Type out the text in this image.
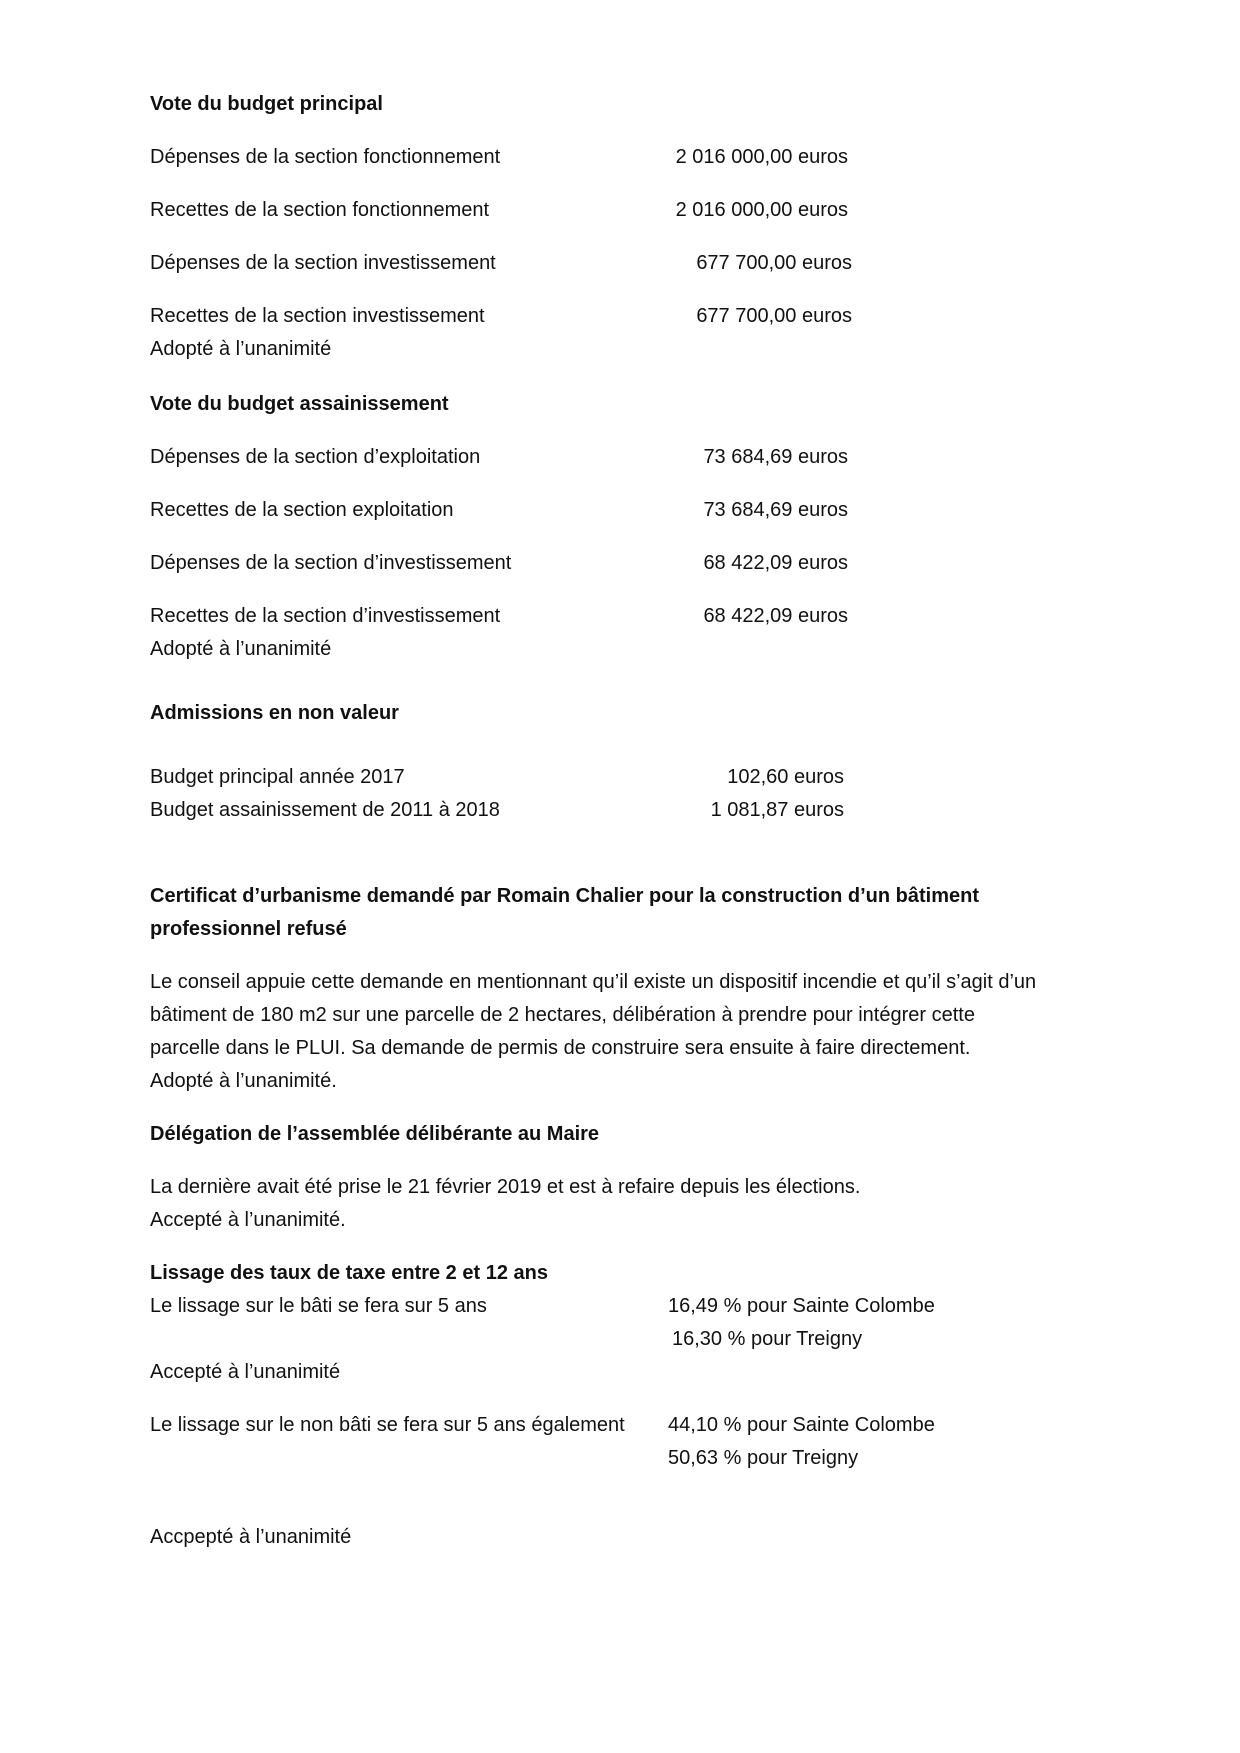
Vote du budget principal
Dépenses de la section fonctionnement	2 016 000,00 euros
Recettes de la section fonctionnement	2 016 000,00 euros
Dépenses de la section investissement	677 700,00 euros
Recettes de la section investissement	677 700,00 euros
Adopté à l’unanimité
Vote du budget assainissement
Dépenses de la section d’exploitation	73 684,69 euros
Recettes de la section exploitation	73 684,69 euros
Dépenses de la section d’investissement	68 422,09 euros
Recettes de la section d’investissement	68 422,09 euros
Adopté à l’unanimité
Admissions en non valeur
Budget principal année 2017	102,60 euros
Budget assainissement de 2011 à 2018	1 081,87 euros
Certificat d’urbanisme demandé par Romain Chalier pour la construction d’un bâtiment
professionnel refusé
Le conseil appuie cette demande en mentionnant qu’il existe un dispositif incendie et qu’il s’agit d’un
bâtiment de 180 m2 sur une parcelle de 2 hectares, délibération à prendre pour intégrer cette
parcelle dans le PLUI. Sa demande de permis de construire sera ensuite à faire directement.
Adopté à l’unanimité.
Délégation de l’assemblée délibérante au Maire
La dernière avait été prise le 21 février 2019 et est à refaire depuis les élections.
Accepté à l’unanimité.
Lissage des taux de taxe entre 2 et 12 ans
Le lissage sur le bâti se fera sur 5 ans	16,49 % pour Sainte Colombe
16,30 % pour Treigny
Accepté à l’unanimité
Le lissage sur le non bâti se fera sur 5 ans également 44,10 % pour Sainte Colombe
50,63 % pour Treigny
Accpepté à l’unanimité
